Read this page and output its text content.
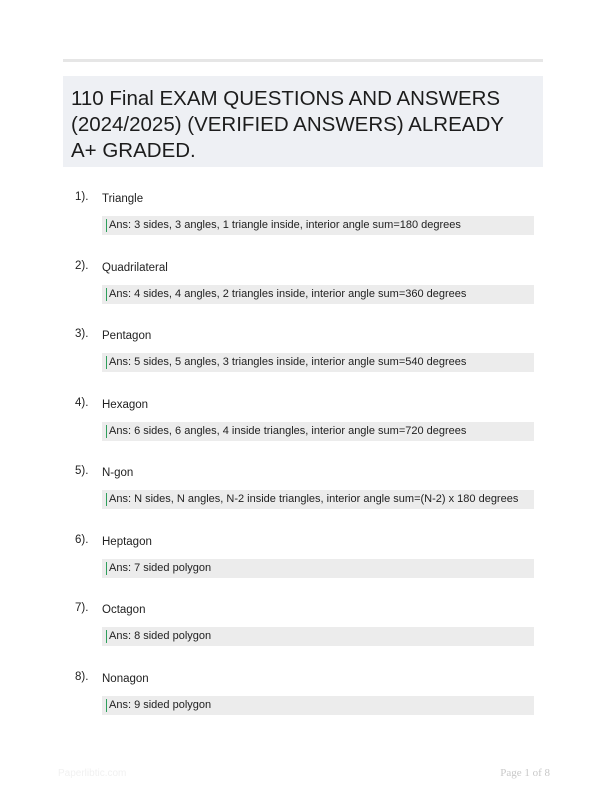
110 Final EXAM QUESTIONS AND ANSWERS (2024/2025) (VERIFIED ANSWERS) ALREADY A+ GRADED.
1). Triangle
Ans: 3 sides, 3 angles, 1 triangle inside, interior angle sum=180 degrees
2). Quadrilateral
Ans: 4 sides, 4 angles, 2 triangles inside, interior angle sum=360 degrees
3). Pentagon
Ans: 5 sides, 5 angles, 3 triangles inside, interior angle sum=540 degrees
4). Hexagon
Ans: 6 sides, 6 angles, 4 inside triangles, interior angle sum=720 degrees
5). N-gon
Ans: N sides, N angles, N-2 inside triangles, interior angle sum=(N-2) x 180 degrees
6). Heptagon
Ans: 7 sided polygon
7). Octagon
Ans: 8 sided polygon
8). Nonagon
Ans: 9 sided polygon
Paperlibtic.com	Page 1 of 8
